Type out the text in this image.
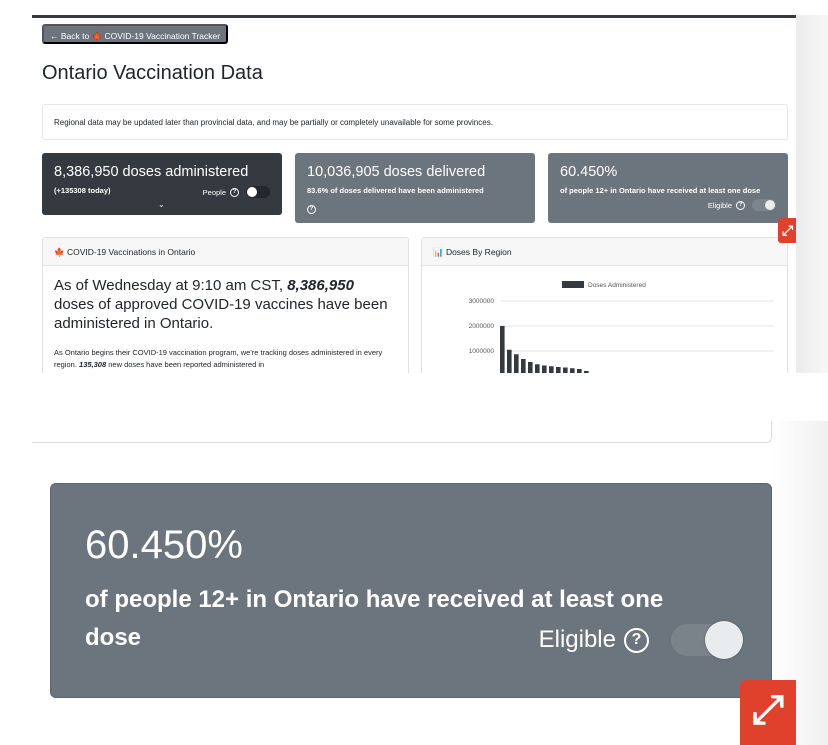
← Back to 🍁 COVID-19 Vaccination Tracker
Ontario Vaccination Data
Regional data may be updated later than provincial data, and may be partially or completely unavailable for some provinces.
8,386,950 doses administered
(+135308 today)	People	?
⌄
10,036,905 doses delivered
83.6% of doses delivered have been administered
?
60.450%
of people 12+ in Ontario have received at least one dose
Eligible	?
🍁 COVID-19 Vaccinations in Ontario

As of Wednesday at 9:10 am CST, 8,386,950 doses of approved COVID-19 vaccines have been administered in Ontario.

As Ontario begins their COVID-19 vaccination program, we're tracking doses administered in every region. 135,308 new doses have been reported administered in

📊 Doses By Region
3000000
2000000
1000000
Doses Administered
⤢
60.450%
of people 12+ in Ontario have received at least one dose	Eligible ?
⤢
